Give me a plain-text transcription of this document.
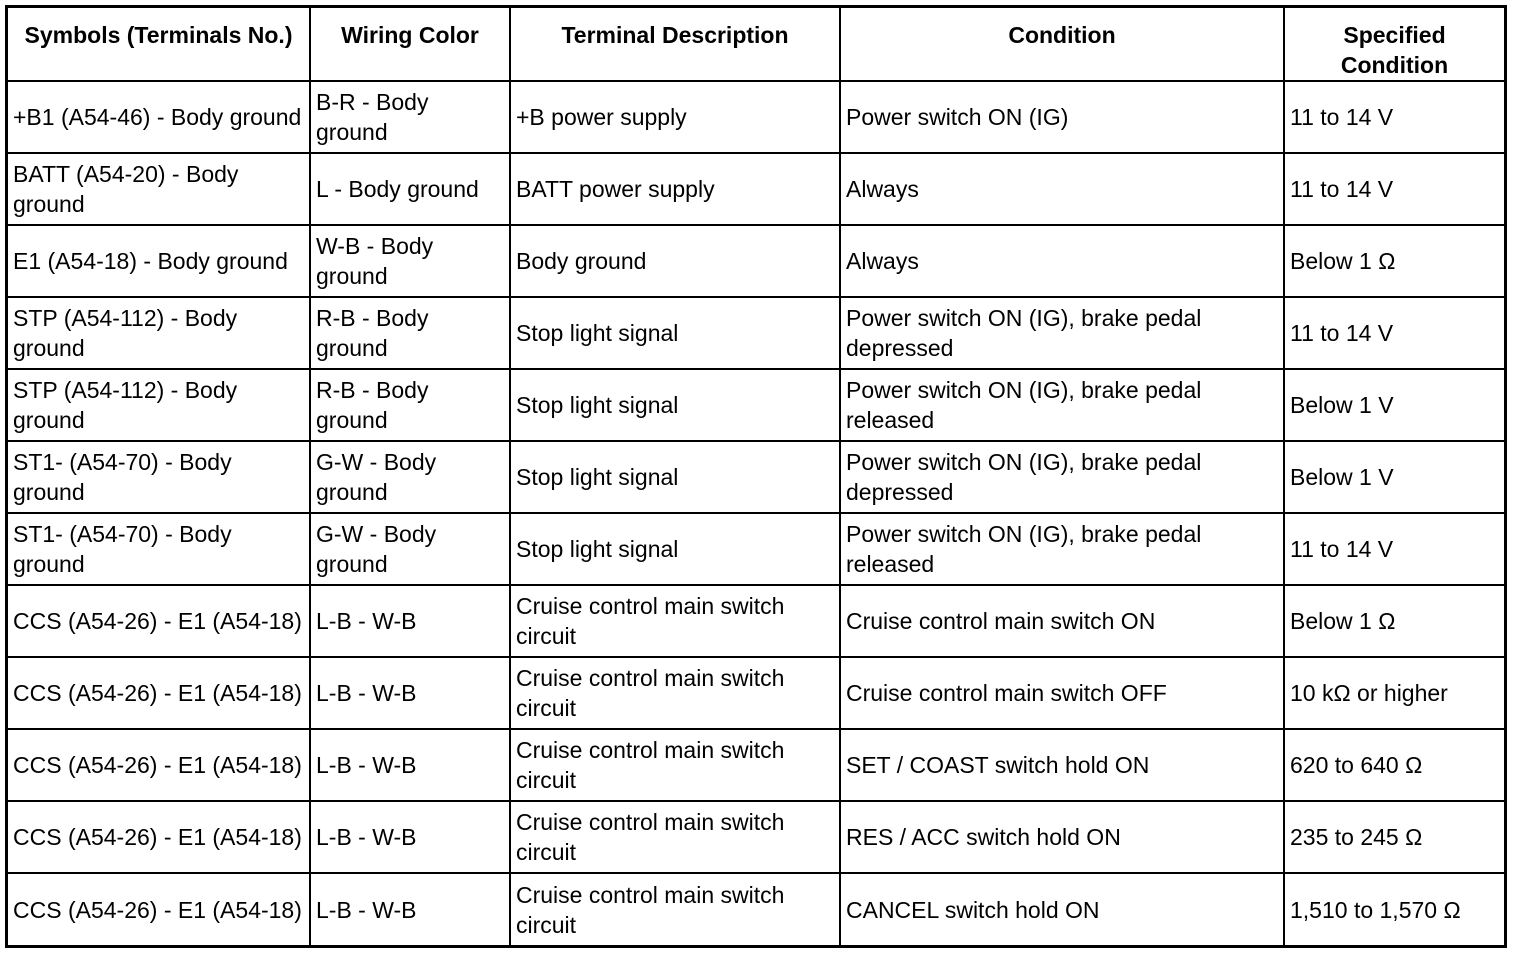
Symbols (Terminals No.)	Wiring Color	Terminal Description	Condition	Specified Condition
+B1 (A54-46) - Body ground	B-R - Body ground	+B power supply	Power switch ON (IG)	11 to 14 V
BATT (A54-20) - Body ground	L - Body ground	BATT power supply	Always	11 to 14 V
E1 (A54-18) - Body ground	W-B - Body ground	Body ground	Always	Below 1 Ω
STP (A54-112) - Body ground	R-B - Body ground	Stop light signal	Power switch ON (IG), brake pedal depressed	11 to 14 V
STP (A54-112) - Body ground	R-B - Body ground	Stop light signal	Power switch ON (IG), brake pedal released	Below 1 V
ST1- (A54-70) - Body ground	G-W - Body ground	Stop light signal	Power switch ON (IG), brake pedal depressed	Below 1 V
ST1- (A54-70) - Body ground	G-W - Body ground	Stop light signal	Power switch ON (IG), brake pedal released	11 to 14 V
CCS (A54-26) - E1 (A54-18)	L-B - W-B	Cruise control main switch circuit	Cruise control main switch ON	Below 1 Ω
CCS (A54-26) - E1 (A54-18)	L-B - W-B	Cruise control main switch circuit	Cruise control main switch OFF	10 kΩ or higher
CCS (A54-26) - E1 (A54-18)	L-B - W-B	Cruise control main switch circuit	SET / COAST switch hold ON	620 to 640 Ω
CCS (A54-26) - E1 (A54-18)	L-B - W-B	Cruise control main switch circuit	RES / ACC switch hold ON	235 to 245 Ω
CCS (A54-26) - E1 (A54-18)	L-B - W-B	Cruise control main switch circuit	CANCEL switch hold ON	1,510 to 1,570 Ω
